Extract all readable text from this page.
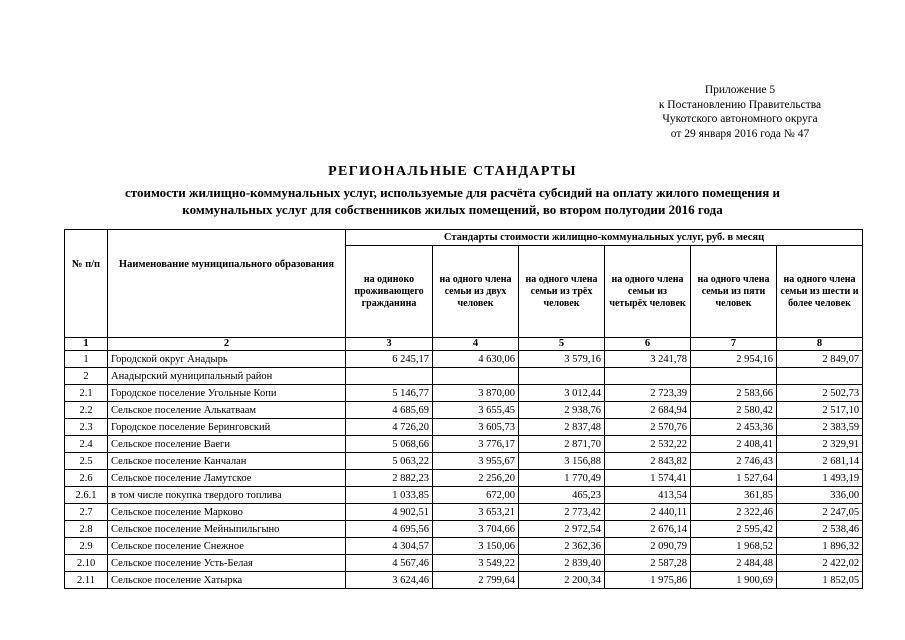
Приложение 5
к Постановлению Правительства
Чукотского автономного округа
от 29 января 2016 года № 47
РЕГИОНАЛЬНЫЕ СТАНДАРТЫ
стоимости жилищно-коммунальных услуг, используемые для расчёта субсидий на оплату жилого помещения и
коммунальных услуг для собственников жилых помещений, во втором полугодии 2016 года
№ п/п	Наименование муниципального образования	Стандарты стоимости жилищно-коммунальных услуг, руб. в месяц					
		на одиноко проживающего гражданина	на одного члена семьи из двух человек	на одного члена семьи из трёх человек	на одного члена семьи из четырёх человек	на одного члена семьи из пяти человек	на одного члена семьи из шести и более человек
1	2	3	4	5	6	7	8
1	Городской округ Анадырь	6 245,17	4 630,06	3 579,16	3 241,78	2 954,16	2 849,07
2	Анадырский муниципальный район						
2.1	Городское поселение Угольные Копи	5 146,77	3 870,00	3 012,44	2 723,39	2 583,66	2 502,73
2.2	Сельское поселение Алькатваам	4 685,69	3 655,45	2 938,76	2 684,94	2 580,42	2 517,10
2.3	Городское поселение Беринговский	4 726,20	3 605,73	2 837,48	2 570,76	2 453,36	2 383,59
2.4	Сельское поселение Ваеги	5 068,66	3 776,17	2 871,70	2 532,22	2 408,41	2 329,91
2.5	Сельское поселение Канчалан	5 063,22	3 955,67	3 156,88	2 843,82	2 746,43	2 681,14
2.6	Сельское поселение Ламутское	2 882,23	2 256,20	1 770,49	1 574,41	1 527,64	1 493,19
2.6.1	в том числе покупка твердого топлива	1 033,85	672,00	465,23	413,54	361,85	336,00
2.7	Сельское поселение Марково	4 902,51	3 653,21	2 773,42	2 440,11	2 322,46	2 247,05
2.8	Сельское поселение Мейныпильгыно	4 695,56	3 704,66	2 972,54	2 676,14	2 595,42	2 538,46
2.9	Сельское поселение Снежное	4 304,57	3 150,06	2 362,36	2 090,79	1 968,52	1 896,32
2.10	Сельское поселение Усть-Белая	4 567,46	3 549,22	2 839,40	2 587,28	2 484,48	2 422,02
2.11	Сельское поселение Хатырка	3 624,46	2 799,64	2 200,34	1 975,86	1 900,69	1 852,05
